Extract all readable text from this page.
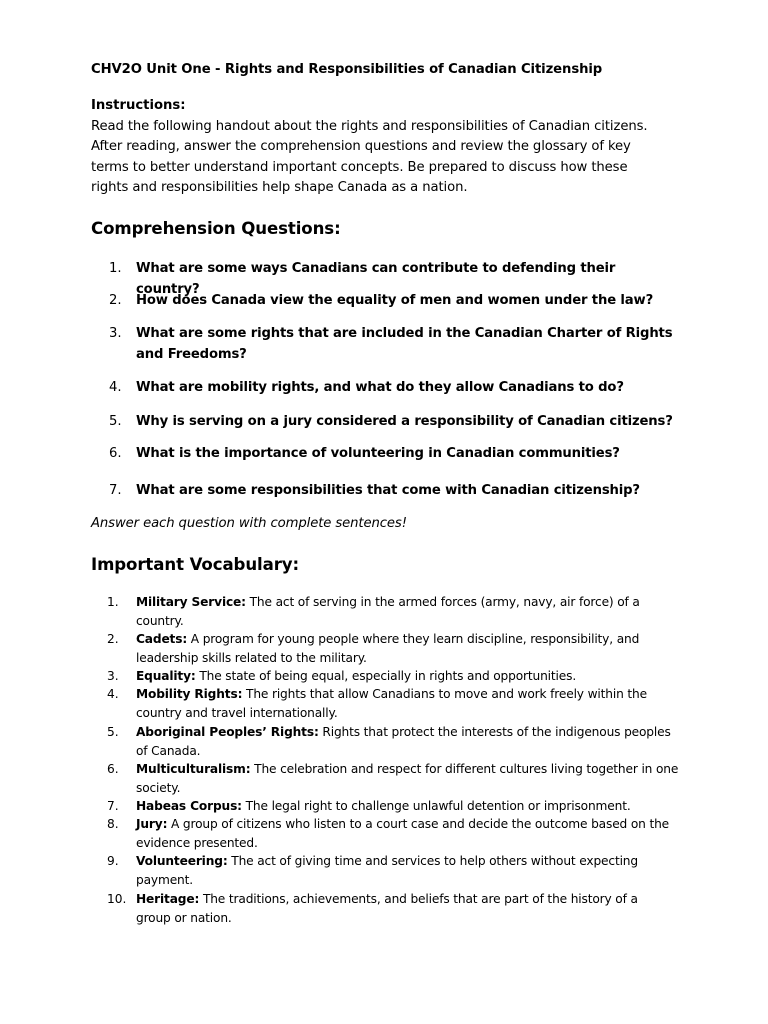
CHV2O Unit One - Rights and Responsibilities of Canadian Citizenship
Instructions:
Read the following handout about the rights and responsibilities of Canadian citizens.
After reading, answer the comprehension questions and review the glossary of key
terms to better understand important concepts. Be prepared to discuss how these
rights and responsibilities help shape Canada as a nation.
Comprehension Questions:
1.	What are some ways Canadians can contribute to defending their country?
2.	How does Canada view the equality of men and women under the law?
3.	What are some rights that are included in the Canadian Charter of Rights
and Freedoms?
4.	What are mobility rights, and what do they allow Canadians to do?
5.	Why is serving on a jury considered a responsibility of Canadian citizens?
6.	What is the importance of volunteering in Canadian communities?
7.	What are some responsibilities that come with Canadian citizenship?
Answer each question with complete sentences!
Important Vocabulary:
1.	Military Service: The act of serving in the armed forces (army, navy, air force) of a
country.
2.	Cadets: A program for young people where they learn discipline, responsibility, and
leadership skills related to the military.
3.	Equality: The state of being equal, especially in rights and opportunities.
4.	Mobility Rights: The rights that allow Canadians to move and work freely within the
country and travel internationally.
5.	Aboriginal Peoples’ Rights: Rights that protect the interests of the indigenous peoples
of Canada.
6.	Multiculturalism: The celebration and respect for different cultures living together in one
society.
7.	Habeas Corpus: The legal right to challenge unlawful detention or imprisonment.
8.	Jury: A group of citizens who listen to a court case and decide the outcome based on the
evidence presented.
9.	Volunteering: The act of giving time and services to help others without expecting
payment.
10. Heritage: The traditions, achievements, and beliefs that are part of the history of a
group or nation.
